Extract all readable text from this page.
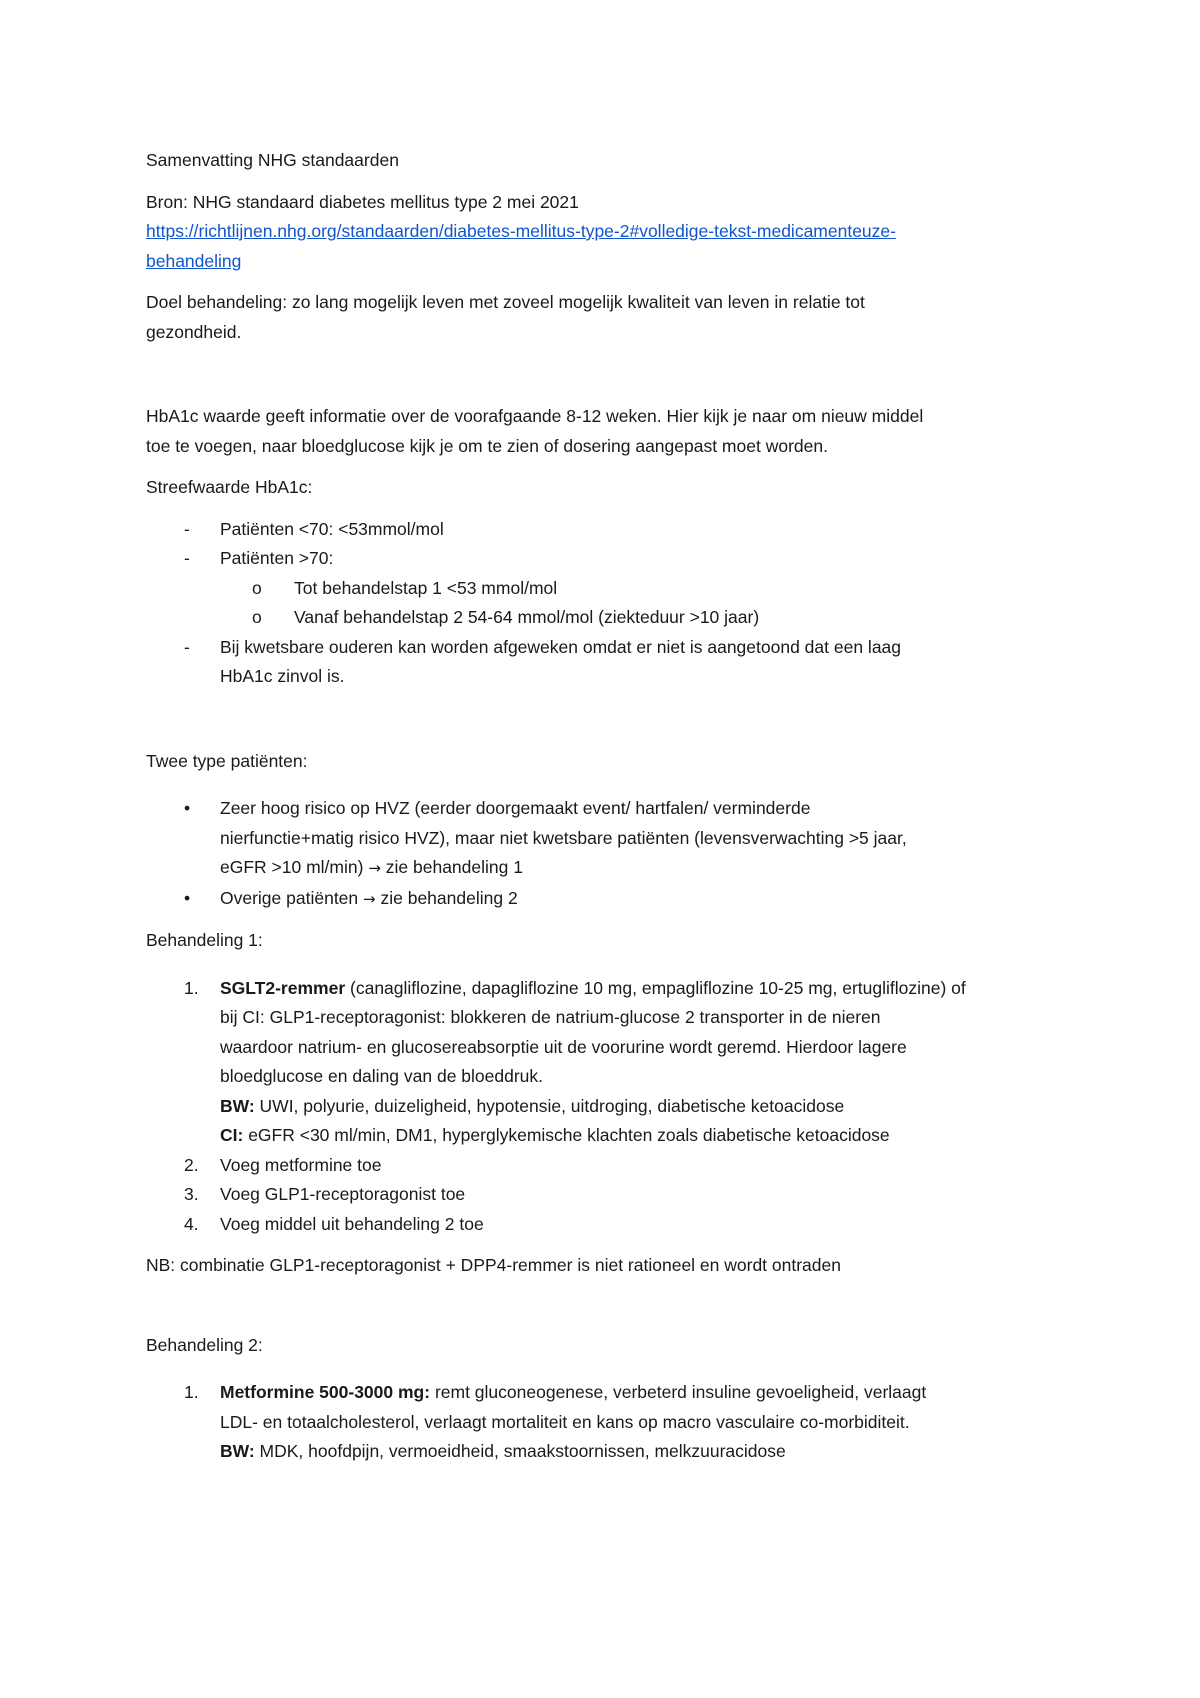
Samenvatting NHG standaarden

Bron: NHG standaard diabetes mellitus type 2 mei 2021

https://richtlijnen.nhg.org/standaarden/diabetes-mellitus-type-2#volledige-tekst-medicamenteuze-

behandeling

Doel behandeling: zo lang mogelijk leven met zoveel mogelijk kwaliteit van leven in relatie tot

gezondheid.

HbA1c waarde geeft informatie over de voorafgaande 8-12 weken. Hier kijk je naar om nieuw middel

toe te voegen, naar bloedglucose kijk je om te zien of dosering aangepast moet worden.

Streefwaarde HbA1c:

- Patiënten <70: <53mmol/mol
- Patiënten >70:
o Tot behandelstap 1 <53 mmol/mol
o Vanaf behandelstap 2 54-64 mmol/mol (ziekteduur >10 jaar)
- Bij kwetsbare ouderen kan worden afgeweken omdat er niet is aangetoond dat een laag
HbA1c zinvol is.

Twee type patiënten:

• Zeer hoog risico op HVZ (eerder doorgemaakt event/ hartfalen/ verminderde
nierfunctie+matig risico HVZ), maar niet kwetsbare patiënten (levensverwachting >5 jaar,
eGFR >10 ml/min) → zie behandeling 1
• Overige patiënten → zie behandeling 2

Behandeling 1:

1. SGLT2-remmer (canagliflozine, dapagliflozine 10 mg, empagliflozine 10-25 mg, ertugliflozine) of
bij CI: GLP1-receptoragonist: blokkeren de natrium-glucose 2 transporter in de nieren
waardoor natrium- en glucosereabsorptie uit de voorurine wordt geremd. Hierdoor lagere
bloedglucose en daling van de bloeddruk.
BW: UWI, polyurie, duizeligheid, hypotensie, uitdroging, diabetische ketoacidose
CI: eGFR <30 ml/min, DM1, hyperglykemische klachten zoals diabetische ketoacidose
2. Voeg metformine toe
3. Voeg GLP1-receptoragonist toe
4. Voeg middel uit behandeling 2 toe

NB: combinatie GLP1-receptoragonist + DPP4-remmer is niet rationeel en wordt ontraden

Behandeling 2:

1. Metformine 500-3000 mg: remt gluconeogenese, verbeterd insuline gevoeligheid, verlaagt
LDL- en totaalcholesterol, verlaagt mortaliteit en kans op macro vasculaire co-morbiditeit.
BW: MDK, hoofdpijn, vermoeidheid, smaakstoornissen, melkzuuracidose
